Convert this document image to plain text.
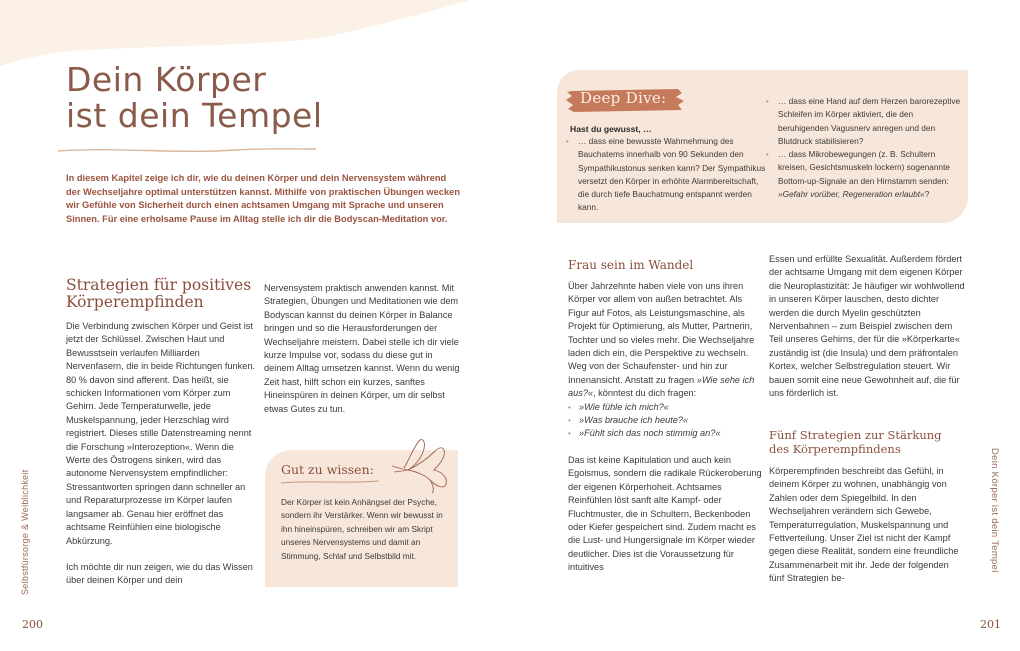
Dein Körper
ist dein Tempel

In diesem Kapitel zeige ich dir, wie du deinen Körper und dein Nervensystem während der Wechseljahre optimal unterstützen kannst. Mithilfe von praktischen Übungen wecken wir Gefühle von Sicherheit durch einen achtsamen Umgang mit Sprache und unseren Sinnen. Für eine erholsame Pause im Alltag stelle ich dir die Bodyscan-Meditation vor.

Strategien für positives Körperempfinden

Die Verbindung zwischen Körper und Geist ist jetzt der Schlüssel. Zwischen Haut und Bewusstsein verlaufen Milliarden Nervenfasern, die in beide Richtungen funken. 80 % davon sind afferent. Das heißt, sie schicken Informationen vom Körper zum Gehirn. Jede Temperaturwelle, jede Muskelspannung, jeder Herzschlag wird registriert. Dieses stille Datenstreaming nennt die Forschung »Interozeption«. Wenn die Werte des Östrogens sinken, wird das autonome Nervensystem empfindlicher: Stressantworten springen dann schneller an und Reparaturprozesse im Körper laufen langsamer ab. Genau hier eröffnet das achtsame Reinfühlen eine biologische Abkürzung.

Ich möchte dir nun zeigen, wie du das Wissen über deinen Körper und dein

Nervensystem praktisch anwenden kannst. Mit Strategien, Übungen und Meditationen wie dem Bodyscan kannst du deinen Körper in Balance bringen und so die Herausforderungen der Wechseljahre meistern. Dabei stelle ich dir viele kurze Impulse vor, sodass du diese gut in deinem Alltag umsetzen kannst. Wenn du wenig Zeit hast, hilft schon ein kurzes, sanftes Hineinspüren in deinen Körper, um dir selbst etwas Gutes zu tun.

Gut zu wissen:

Der Körper ist kein Anhängsel der Psyche, sondern ihr Verstärker. Wenn wir bewusst in ihn hineinspüren, schreiben wir am Skript unseres Nervensystems und damit an Stimmung, Schlaf und Selbstbild mit.

Selbstfürsorge & Weiblichkeit
200
Deep Dive:
Hast du gewusst, …
• … dass eine bewusste Wahrnehmung des Bauchatems innerhalb von 90 Sekunden den Sympathikustonus senken kann? Der Sympathikus versetzt den Körper in erhöhte Alarmbereitschaft, die durch tiefe Bauchatmung entspannt werden kann.
• … dass eine Hand auf dem Herzen barorezeptive Schleifen im Körper aktiviert, die den beruhigenden Vagusnerv anregen und den Blutdruck stabilisieren?
• … dass Mikrobewegungen (z. B. Schultern kreisen, Gesichtsmuskeln lockern) sogenannte Bottom-up-Signale an den Hirnstamm senden: »Gefahr vorüber, Regeneration erlaubt«?
Frau sein im Wandel

Über Jahrzehnte haben viele von uns ihren Körper vor allem von außen betrachtet. Als Figur auf Fotos, als Leistungsmaschine, als Projekt für Optimierung, als Mutter, Partnerin, Tochter und so vieles mehr. Die Wechseljahre laden dich ein, die Perspektive zu wechseln. Weg von der Schaufenster- und hin zur Innenansicht. Anstatt zu fragen »Wie sehe ich aus?«, könntest du dich fragen:

• »Wie fühle ich mich?«
• »Was brauche ich heute?«
• »Fühlt sich das noch stimmig an?«

Das ist keine Kapitulation und auch kein Egoismus, sondern die radikale Rückeroberung der eigenen Körperhoheit. Achtsames Reinfühlen löst sanft alte Kampf- oder Fluchtmuster, die in Schultern, Beckenboden oder Kiefer gespeichert sind. Zudem macht es die Lust- und Hungersignale im Körper wieder deutlicher. Dies ist die Voraussetzung für intuitives

Essen und erfüllte Sexualität. Außerdem fördert der achtsame Umgang mit dem eigenen Körper die Neuroplastizität: Je häufiger wir wohlwollend in unseren Körper lauschen, desto dichter werden die durch Myelin geschützten Nervenbahnen – zum Beispiel zwischen dem Teil unseres Gehirns, der für die »Körperkarte« zuständig ist (die Insula) und dem präfrontalen Kortex, welcher Selbstregulation steuert. Wir bauen somit eine neue Gewohnheit auf, die für uns förderlich ist.

Fünf Strategien zur Stärkung des Körperempfindens

Körperempfinden beschreibt das Gefühl, in deinem Körper zu wohnen, unabhängig von Zahlen oder dem Spiegelbild. In den Wechseljahren verändern sich Gewebe, Temperaturregulation, Muskelspannung und Fettverteilung. Unser Ziel ist nicht der Kampf gegen diese Realität, sondern eine freundliche Zusammenarbeit mit ihr. Jede der folgenden fünf Strategien be-

Dein Körper ist dein Tempel
201
